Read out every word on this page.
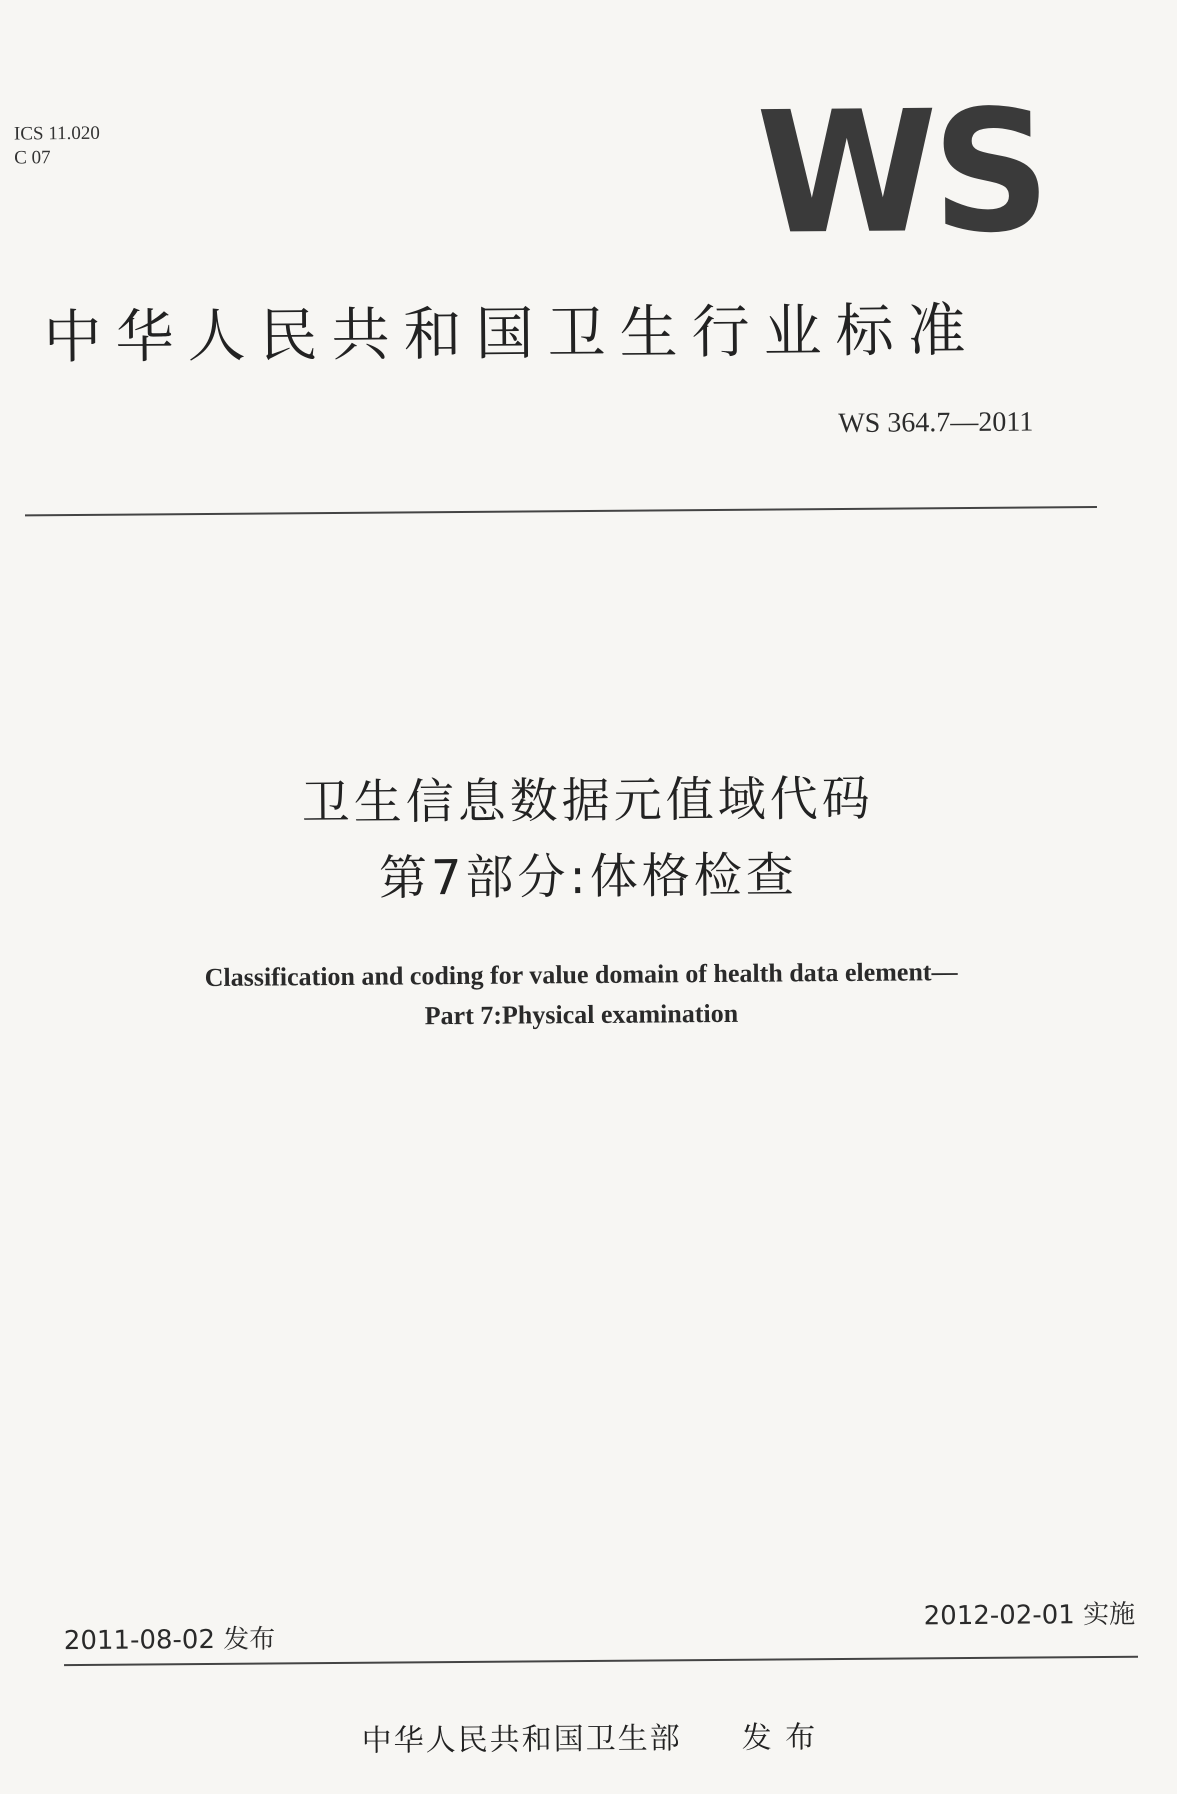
ICS 11.020
C 07	WS
中华人民共和国卫生行业标准
WS 364.7—2011
卫生信息数据元值域代码
第7部分:体格检查
Classification and coding for value domain of health data element—
Part 7:Physical examination
2011-08-02 发布
2012-02-01 实施
中华人民共和国卫生部 发 布
